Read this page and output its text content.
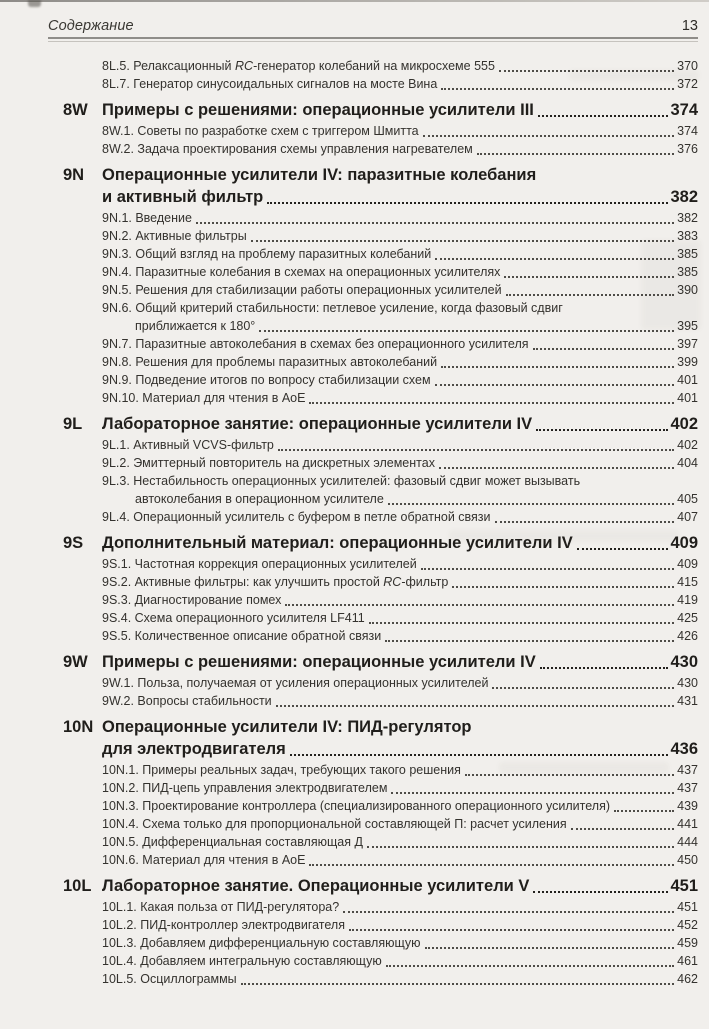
Содержание	13
8L.5. Релаксационный RC-генератор колебаний на микросхеме 555	370
8L.7. Генератор синусоидальных сигналов на мосте Вина	372
8W Примеры с решениями: операционные усилители III	374
8W.1. Советы по разработке схем с триггером Шмитта	374
8W.2. Задача проектирования схемы управления нагревателем	376
9N	Операционные усилители IV: паразитные колебания
и активный фильтр	382
9N.1. Введение	382
9N.2. Активные фильтры	383
9N.3. Общий взгляд на проблему паразитных колебаний	385
9N.4. Паразитные колебания в схемах на операционных усилителях	385
9N.5. Решения для стабилизации работы операционных усилителей	390
9N.6. Общий критерий стабильности: петлевое усиление, когда фазовый сдвиг
приближается к 180°	395
9N.7. Паразитные автоколебания в схемах без операционного усилителя	397
9N.8. Решения для проблемы паразитных автоколебаний	399
9N.9. Подведение итогов по вопросу стабилизации схем	401
9N.10. Материал для чтения в АоЕ	401
9L	Лабораторное занятие: операционные усилители IV	402
9L.1. Активный VCVS-фильтр	402
9L.2. Эмиттерный повторитель на дискретных элементах	404
9L.3. Нестабильность операционных усилителей: фазовый сдвиг может вызывать
автоколебания в операционном усилителе	405
9L.4. Операционный усилитель с буфером в петле обратной связи	407
9S	Дополнительный материал: операционные усилители IV	409
9S.1. Частотная коррекция операционных усилителей	409
9S.2. Активные фильтры: как улучшить простой RC-фильтр	415
9S.3. Диагностирование помех	419
9S.4. Схема операционного усилителя LF411	425
9S.5. Количественное описание обратной связи	426
9W Примеры с решениями: операционные усилители IV	430
9W.1. Польза, получаемая от усиления операционных усилителей	430
9W.2. Вопросы стабильности	431
10N Операционные усилители IV: ПИД-регулятор
для электродвигателя	436
10N.1. Примеры реальных задач, требующих такого решения	437
10N.2. ПИД-цепь управления электродвигателем	437
10N.3. Проектирование контроллера (специализированного операционного усилителя)	439
10N.4. Схема только для пропорциональной составляющей П: расчет усиления	441
10N.5. Дифференциальная составляющая Д	444
10N.6. Материал для чтения в АоЕ	450
10L Лабораторное занятие. Операционные усилители V	451
10L.1. Какая польза от ПИД-регулятора?	451
10L.2. ПИД-контроллер электродвигателя	452
10L.3. Добавляем дифференциальную составляющую	459
10L.4. Добавляем интегральную составляющую	461
10L.5. Осциллограммы	462
